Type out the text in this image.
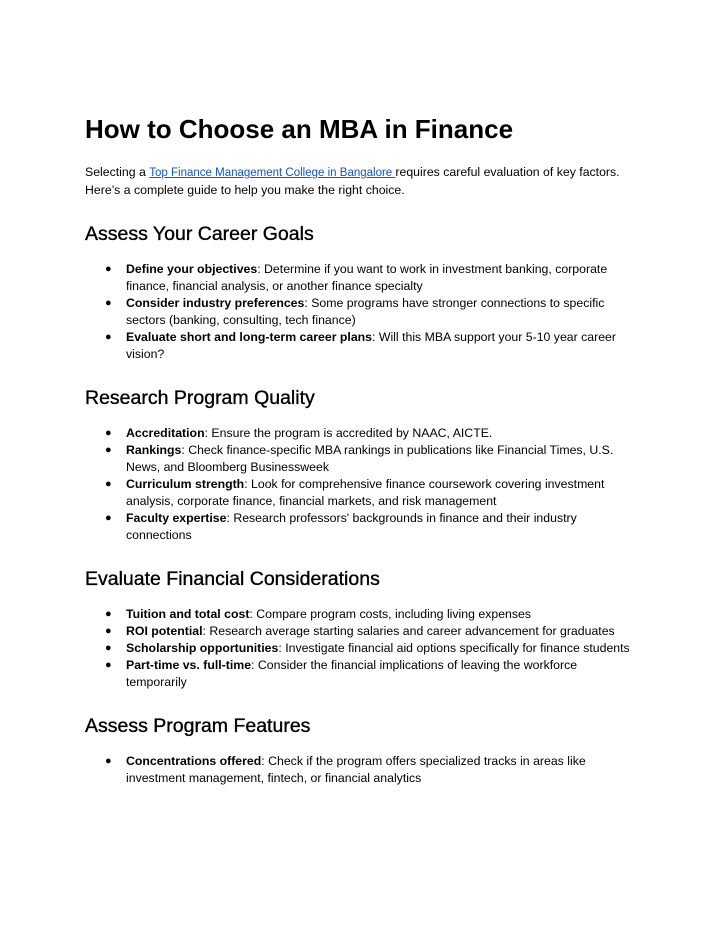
How to Choose an MBA in Finance

Selecting a Top Finance Management College in Bangalore requires careful evaluation of key factors. Here’s a complete guide to help you make the right choice.

Assess Your Career Goals
● Define your objectives: Determine if you want to work in investment banking, corporate finance, financial analysis, or another finance specialty
● Consider industry preferences: Some programs have stronger connections to specific sectors (banking, consulting, tech finance)
● Evaluate short and long-term career plans: Will this MBA support your 5-10 year career vision?
Research Program Quality
● Accreditation: Ensure the program is accredited by NAAC, AICTE.
● Rankings: Check finance-specific MBA rankings in publications like Financial Times, U.S. News, and Bloomberg Businessweek
● Curriculum strength: Look for comprehensive finance coursework covering investment analysis, corporate finance, financial markets, and risk management
● Faculty expertise: Research professors' backgrounds in finance and their industry connections
Evaluate Financial Considerations
● Tuition and total cost: Compare program costs, including living expenses
● ROI potential: Research average starting salaries and career advancement for graduates
● Scholarship opportunities: Investigate financial aid options specifically for finance students
● Part-time vs. full-time: Consider the financial implications of leaving the workforce temporarily
Assess Program Features
● Concentrations offered: Check if the program offers specialized tracks in areas like investment management, fintech, or financial analytics
